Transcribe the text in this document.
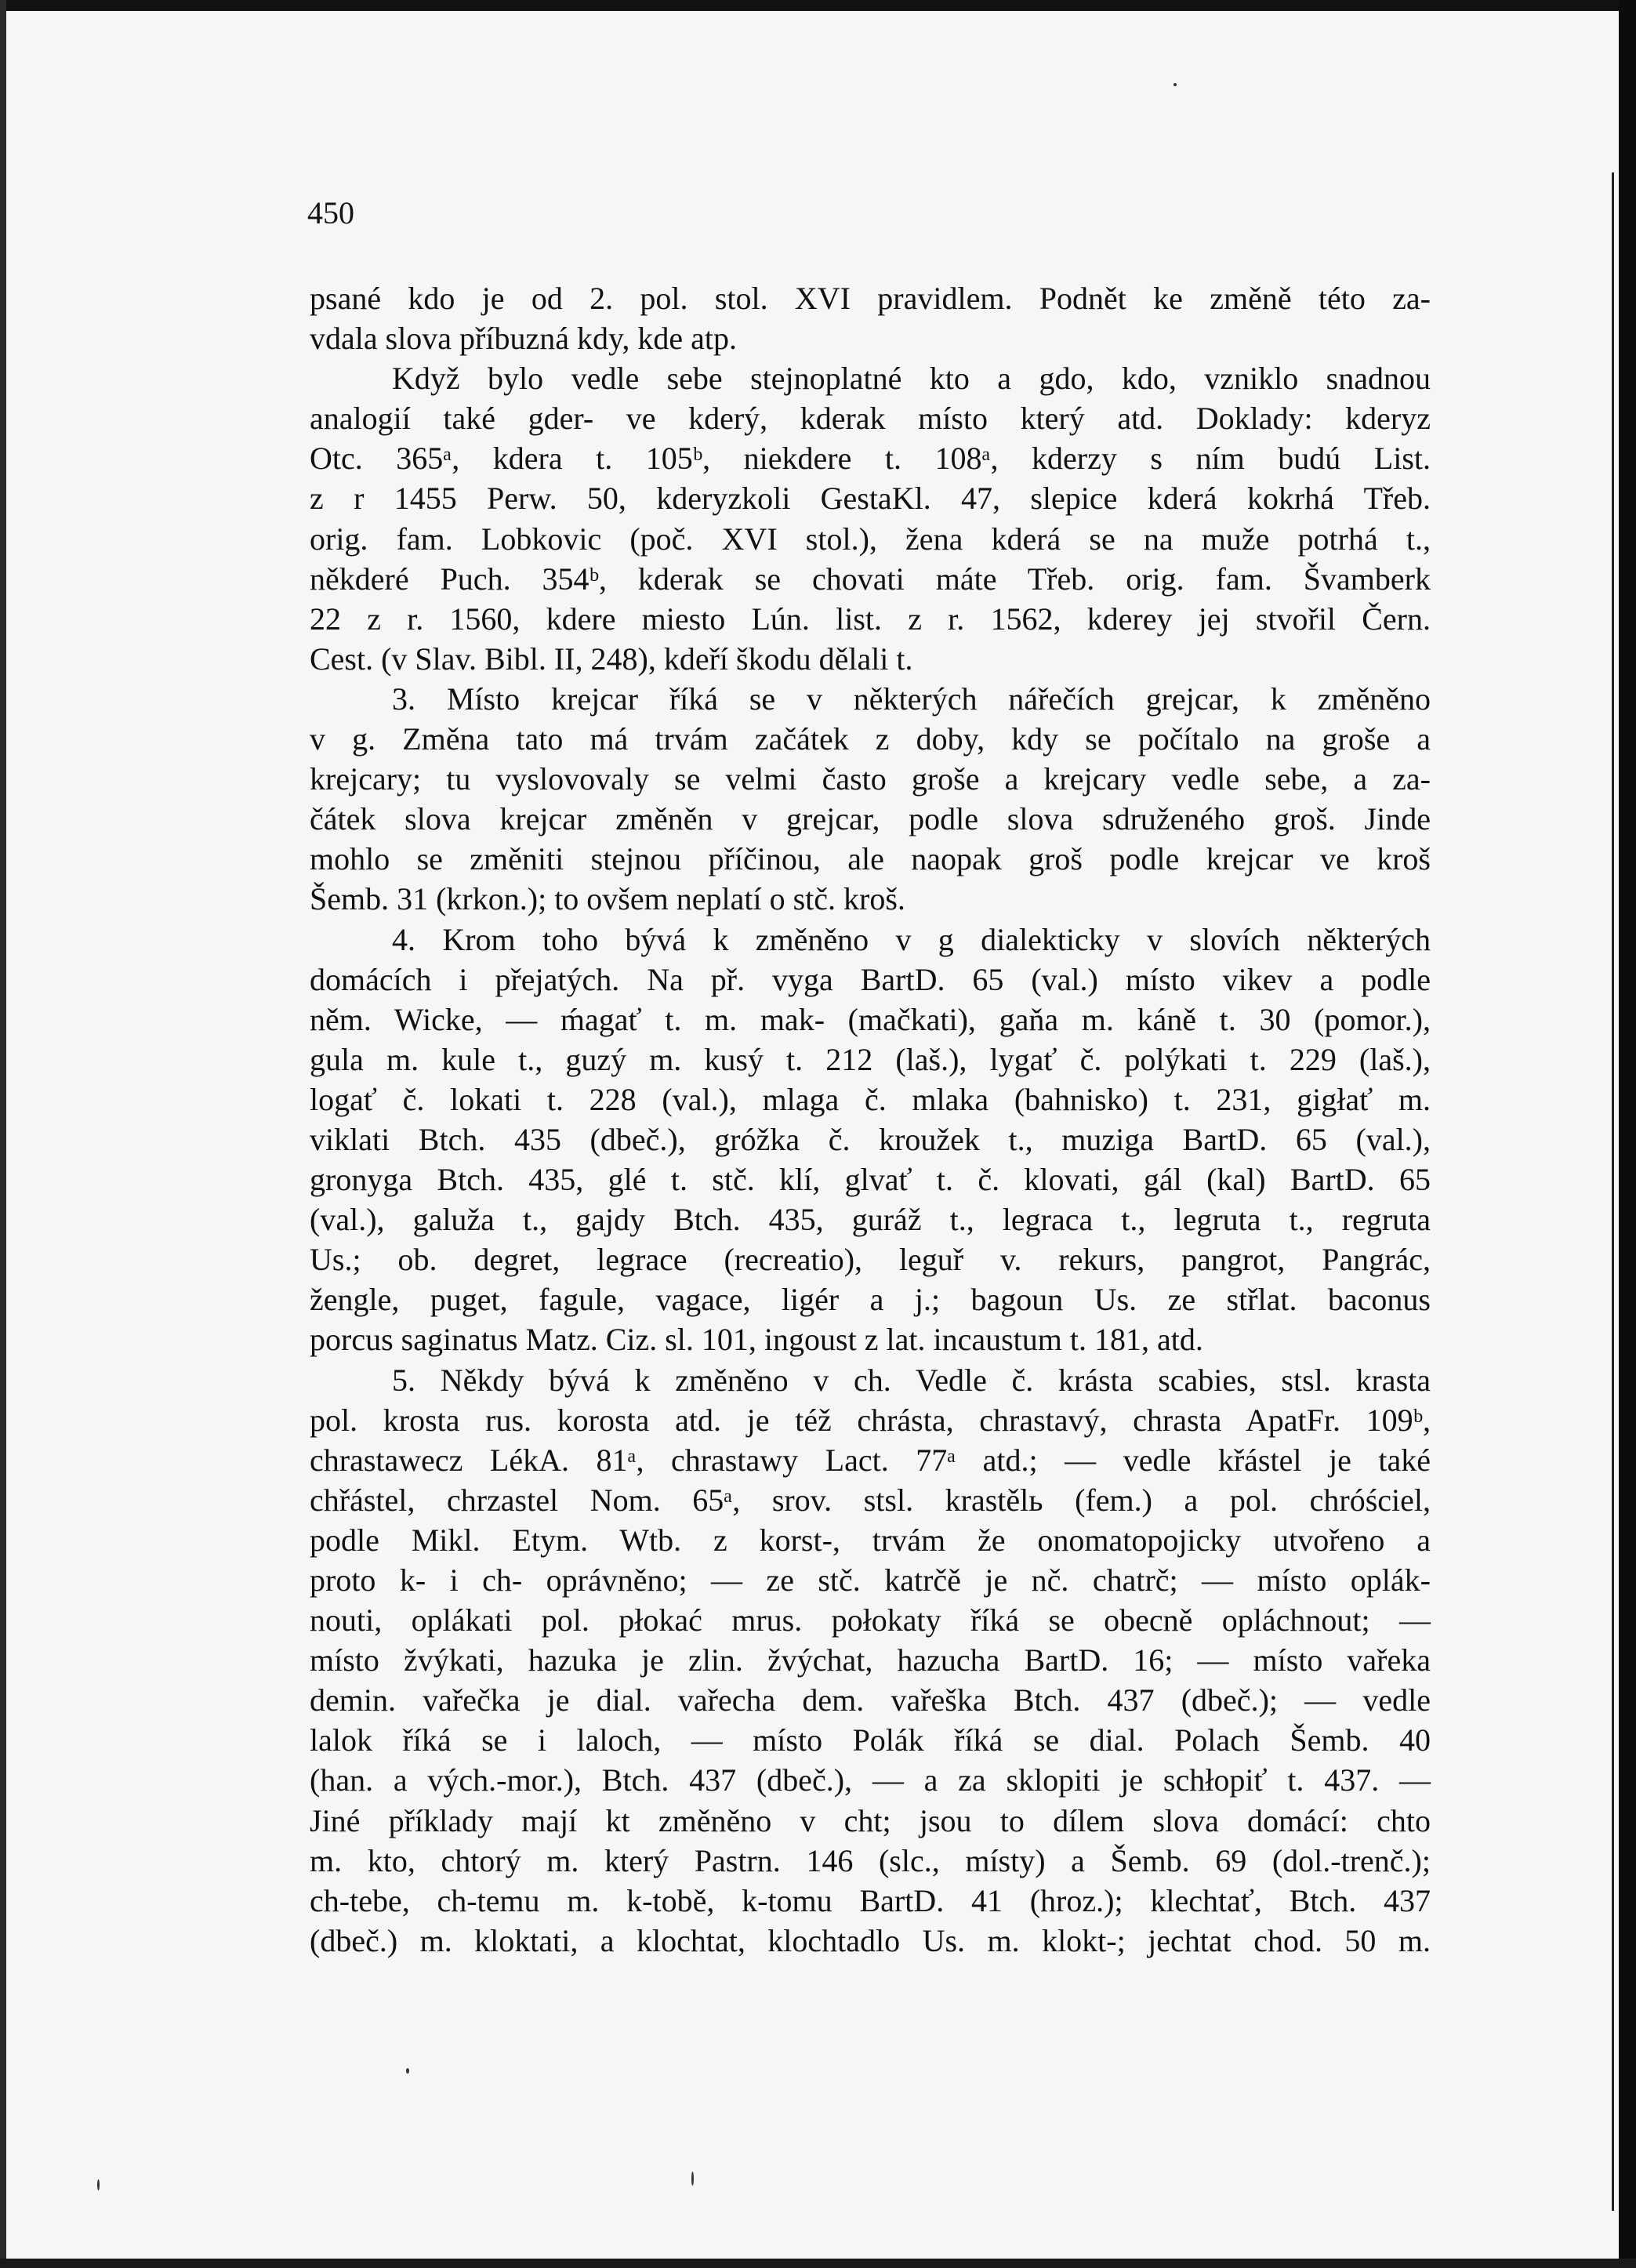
450
psané kdo je od 2. pol. stol. XVI pravidlem. Podnět ke změně této za-
vdala slova příbuzná kdy, kde atp.
Když bylo vedle sebe stejnoplatné kto a gdo, kdo, vzniklo snadnou
analogií také gder- ve kderý, kderak místo který atd. Doklady: kderyz
Otc. 365ᵃ, kdera t. 105ᵇ, niekdere t. 108ᵃ, kderzy s ním budú List.
z r 1455 Perw. 50, kderyzkoli GestaKl. 47, slepice kderá kokrhá Třeb.
orig. fam. Lobkovic (poč. XVI stol.), žena kderá se na muže potrhá t.,
někderé Puch. 354ᵇ, kderak se chovati máte Třeb. orig. fam. Švamberk
22 z r. 1560, kdere miesto Lún. list. z r. 1562, kderey jej stvořil Čern.
Cest. (v Slav. Bibl. II, 248), kdeří škodu dělali t.
3. Místo krejcar říká se v některých nářečích grejcar, k změněno
v g. Změna tato má trvám začátek z doby, kdy se počítalo na groše a
krejcary; tu vyslovovaly se velmi často groše a krejcary vedle sebe, a za-
čátek slova krejcar změněn v grejcar, podle slova sdruženého groš. Jinde
mohlo se změniti stejnou příčinou, ale naopak groš podle krejcar ve kroš
Šemb. 31 (krkon.); to ovšem neplatí o stč. kroš.
4. Krom toho bývá k změněno v g dialekticky v slovích některých
domácích i přejatých. Na př. vyga BartD. 65 (val.) místo vikev a podle
něm. Wicke, — ḿagať t. m. mak- (mačkati), gaňa m. káně t. 30 (pomor.),
gula m. kule t., guzý m. kusý t. 212 (laš.), lygať č. polýkati t. 229 (laš.),
logať č. lokati t. 228 (val.), mlaga č. mlaka (bahnisko) t. 231, gigłať m.
viklati Btch. 435 (dbeč.), gróžka č. kroužek t., muziga BartD. 65 (val.),
gronyga Btch. 435, glé t. stč. klí, glvať t. č. klovati, gál (kal) BartD. 65
(val.), galuža t., gajdy Btch. 435, guráž t., legraca t., legruta t., regruta
Us.; ob. degret, legrace (recreatio), leguř v. rekurs, pangrot, Pangrác,
žengle, puget, fagule, vagace, ligér a j.; bagoun Us. ze střlat. baconus
porcus saginatus Matz. Ciz. sl. 101, ingoust z lat. incaustum t. 181, atd.
5. Někdy bývá k změněno v ch. Vedle č. krásta scabies, stsl. krasta
pol. krosta rus. korosta atd. je též chrásta, chrastavý, chrasta ApatFr. 109ᵇ,
chrastawecz LékA. 81ᵃ, chrastawy Lact. 77ᵃ atd.; — vedle křástel je také
chřástel, chrzastel Nom. 65ᵃ, srov. stsl. krastělь (fem.) a pol. chróściel,
podle Mikl. Etym. Wtb. z korst-, trvám že onomatopojicky utvořeno a
proto k- i ch- oprávněno; — ze stč. katrčě je nč. chatrč; — místo oplák-
nouti, oplákati pol. płokać mrus. połokaty říká se obecně opláchnout; —
místo žvýkati, hazuka je zlin. žvýchat, hazucha BartD. 16; — místo vařeka
demin. vařečka je dial. vařecha dem. vařeška Btch. 437 (dbeč.); — vedle
lalok říká se i laloch, — místo Polák říká se dial. Polach Šemb. 40
(han. a vých.-mor.), Btch. 437 (dbeč.), — a za sklopiti je schłopiť t. 437. —
Jiné příklady mají kt změněno v cht; jsou to dílem slova domácí: chto
m. kto, chtorý m. který Pastrn. 146 (slc., místy) a Šemb. 69 (dol.-trenč.);
ch-tebe, ch-temu m. k-tobě, k-tomu BartD. 41 (hroz.); klechtať, Btch. 437
(dbeč.) m. kloktati, a klochtat, klochtadlo Us. m. klokt-; jechtat chod. 50 m.
